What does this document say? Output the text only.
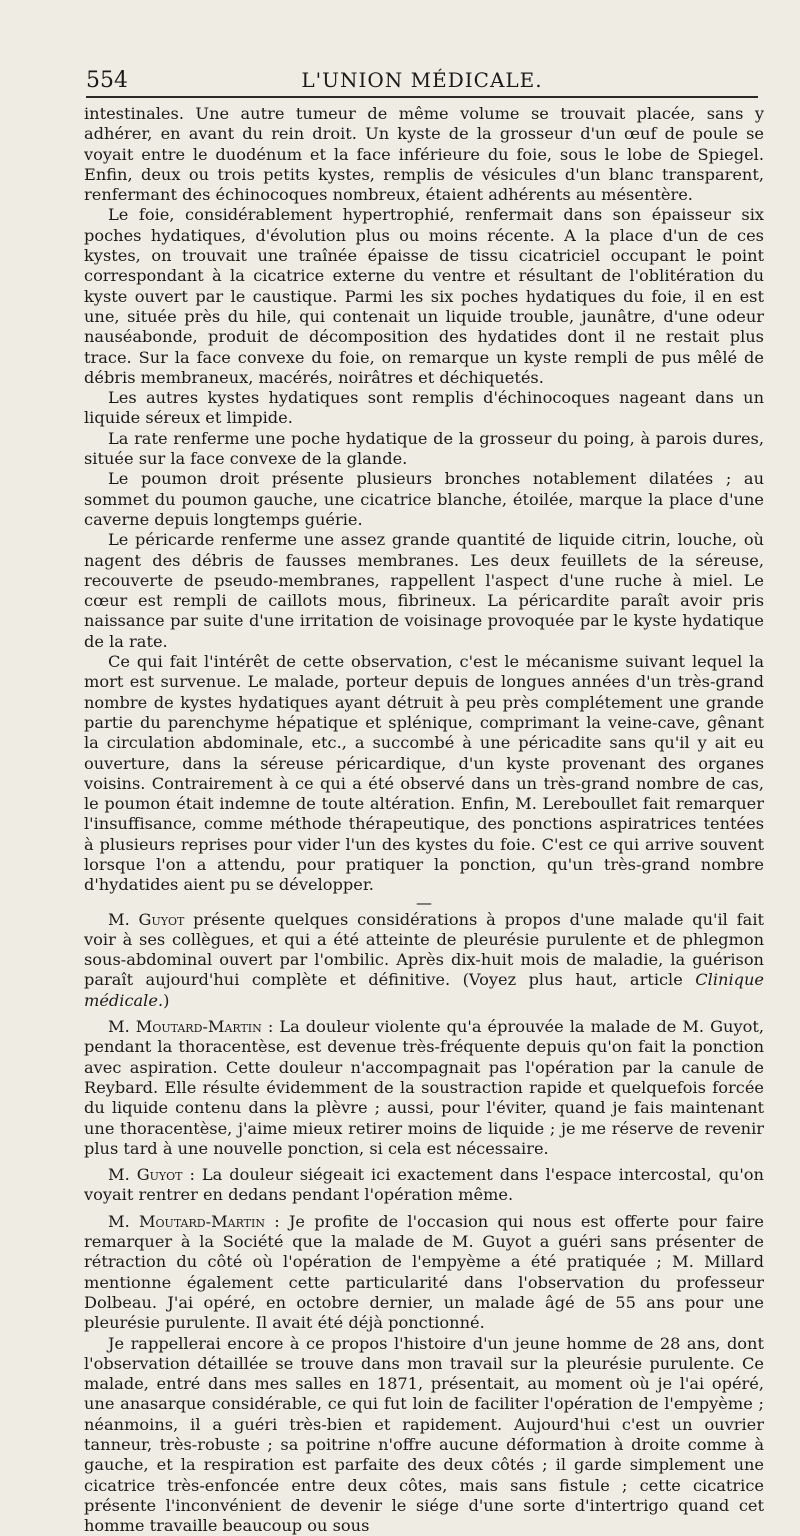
554	L'UNION MÉDICALE.

intestinales. Une autre tumeur de même volume se trouvait placée, sans y adhérer, en avant du rein droit. Un kyste de la grosseur d'un œuf de poule se voyait entre le duodénum et la face inférieure du foie, sous le lobe de Spiegel. Enfin, deux ou trois petits kystes, remplis de vésicules d'un blanc transparent, renfermant des échinocoques nombreux, étaient adhérents au mésentère.

Le foie, considérablement hypertrophié, renfermait dans son épaisseur six poches hydatiques, d'évolution plus ou moins récente. A la place d'un de ces kystes, on trouvait une traînée épaisse de tissu cicatriciel occupant le point correspondant à la cicatrice externe du ventre et résultant de l'oblitération du kyste ouvert par le caustique. Parmi les six poches hydatiques du foie, il en est une, située près du hile, qui contenait un liquide trouble, jaunâtre, d'une odeur nauséabonde, produit de décomposition des hydatides dont il ne restait plus trace. Sur la face convexe du foie, on remarque un kyste rempli de pus mêlé de débris membraneux, macérés, noirâtres et déchiquetés.

Les autres kystes hydatiques sont remplis d'échinocoques nageant dans un liquide séreux et limpide.

La rate renferme une poche hydatique de la grosseur du poing, à parois dures, située sur la face convexe de la glande.

Le poumon droit présente plusieurs bronches notablement dilatées ; au sommet du poumon gauche, une cicatrice blanche, étoilée, marque la place d'une caverne depuis longtemps guérie.

Le péricarde renferme une assez grande quantité de liquide citrin, louche, où nagent des débris de fausses membranes. Les deux feuillets de la séreuse, recouverte de pseudo-membranes, rappellent l'aspect d'une ruche à miel. Le cœur est rempli de caillots mous, fibrineux. La péricardite paraît avoir pris naissance par suite d'une irritation de voisinage provoquée par le kyste hydatique de la rate.

Ce qui fait l'intérêt de cette observation, c'est le mécanisme suivant lequel la mort est survenue. Le malade, porteur depuis de longues années d'un très-grand nombre de kystes hydatiques ayant détruit à peu près complétement une grande partie du parenchyme hépatique et splénique, comprimant la veine-cave, gênant la circulation abdominale, etc., a succombé à une péricadite sans qu'il y ait eu ouverture, dans la séreuse péricardique, d'un kyste provenant des organes voisins. Contrairement à ce qui a été observé dans un très-grand nombre de cas, le poumon était indemne de toute altération. Enfin, M. Lereboullet fait remarquer l'insuffisance, comme méthode thérapeutique, des ponctions aspiratrices tentées à plusieurs reprises pour vider l'un des kystes du foie. C'est ce qui arrive souvent lorsque l'on a attendu, pour pratiquer la ponction, qu'un très-grand nombre d'hydatides aient pu se développer.

—

M. Guyot présente quelques considérations à propos d'une malade qu'il fait voir à ses collègues, et qui a été atteinte de pleurésie purulente et de phlegmon sous-abdominal ouvert par l'ombilic. Après dix-huit mois de maladie, la guérison paraît aujourd'hui complète et définitive. (Voyez plus haut, article Clinique médicale.)

M. Moutard-Martin : La douleur violente qu'a éprouvée la malade de M. Guyot, pendant la thoracentèse, est devenue très-fréquente depuis qu'on fait la ponction avec aspiration. Cette douleur n'accompagnait pas l'opération par la canule de Reybard. Elle résulte évidemment de la soustraction rapide et quelquefois forcée du liquide contenu dans la plèvre ; aussi, pour l'éviter, quand je fais maintenant une thoracentèse, j'aime mieux retirer moins de liquide ; je me réserve de revenir plus tard à une nouvelle ponction, si cela est nécessaire.

M. Guyot : La douleur siégeait ici exactement dans l'espace intercostal, qu'on voyait rentrer en dedans pendant l'opération même.

M. Moutard-Martin : Je profite de l'occasion qui nous est offerte pour faire remarquer à la Société que la malade de M. Guyot a guéri sans présenter de rétraction du côté où l'opération de l'empyème a été pratiquée ; M. Millard mentionne également cette particularité dans l'observation du professeur Dolbeau. J'ai opéré, en octobre dernier, un malade âgé de 55 ans pour une pleurésie purulente. Il avait été déjà ponctionné.

Je rappellerai encore à ce propos l'histoire d'un jeune homme de 28 ans, dont l'observation détaillée se trouve dans mon travail sur la pleurésie purulente. Ce malade, entré dans mes salles en 1871, présentait, au moment où je l'ai opéré, une anasarque considérable, ce qui fut loin de faciliter l'opération de l'empyème ; néanmoins, il a guéri très-bien et rapidement. Aujourd'hui c'est un ouvrier tanneur, très-robuste ; sa poitrine n'offre aucune déformation à droite comme à gauche, et la respiration est parfaite des deux côtés ; il garde simplement une cicatrice très-enfoncée entre deux côtes, mais sans fistule ; cette cicatrice présente l'inconvénient de devenir le siége d'une sorte d'intertrigo quand cet homme travaille beaucoup ou sous
